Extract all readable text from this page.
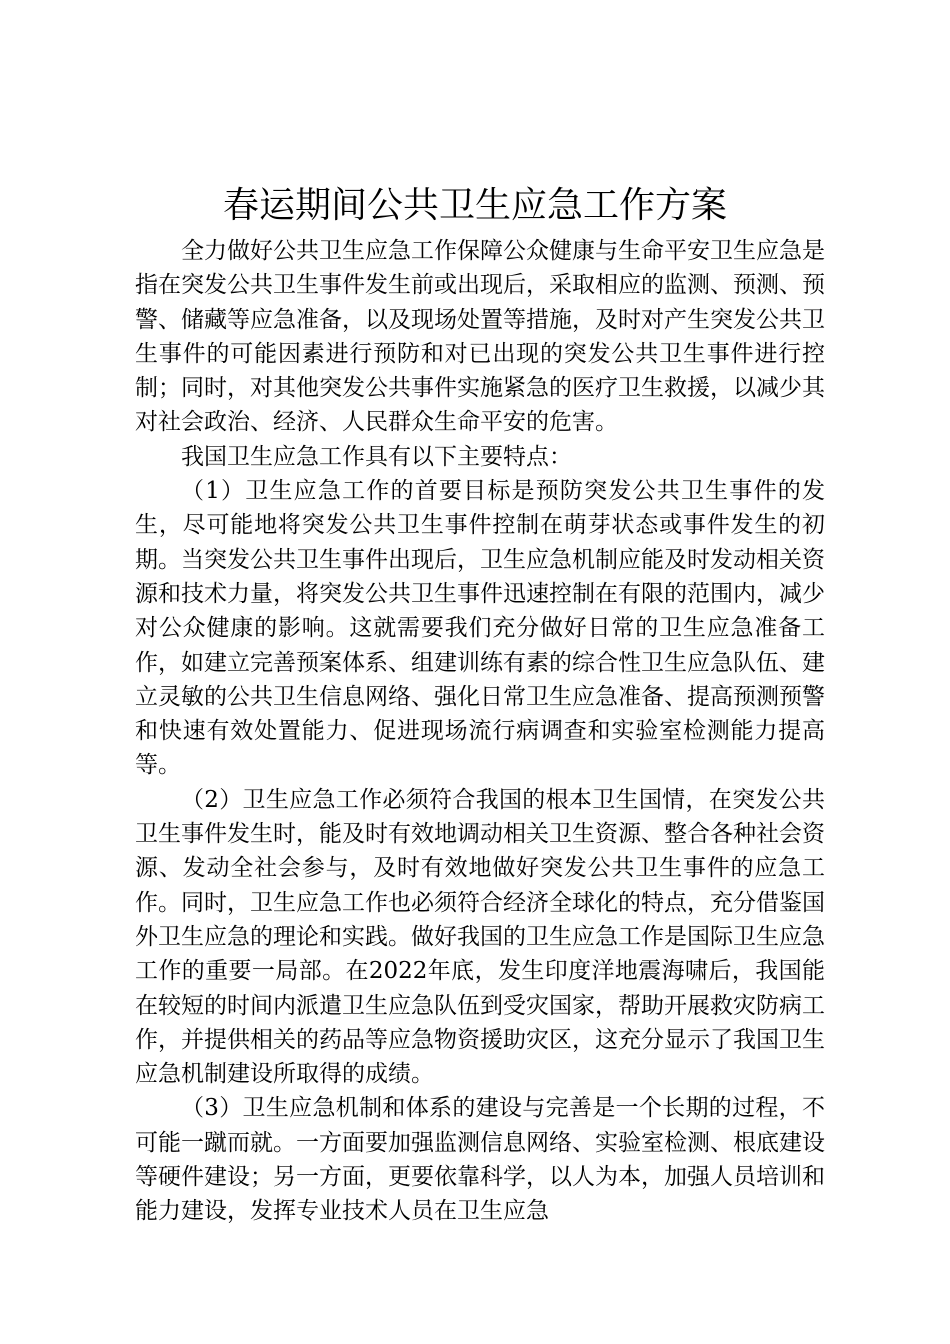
春运期间公共卫生应急工作方案

全力做好公共卫生应急工作保障公众健康与生命平安卫生应急是指在突发公共卫生事件发生前或出现后，采取相应的监测、预测、预警、储藏等应急准备，以及现场处置等措施，及时对产生突发公共卫生事件的可能因素进行预防和对已出现的突发公共卫生事件进行控制；同时，对其他突发公共事件实施紧急的医疗卫生救援，以减少其对社会政治、经济、人民群众生命平安的危害。

我国卫生应急工作具有以下主要特点：

（1）卫生应急工作的首要目标是预防突发公共卫生事件的发生，尽可能地将突发公共卫生事件控制在萌芽状态或事件发生的初期。当突发公共卫生事件出现后，卫生应急机制应能及时发动相关资源和技术力量，将突发公共卫生事件迅速控制在有限的范围内，减少对公众健康的影响。这就需要我们充分做好日常的卫生应急准备工作，如建立完善预案体系、组建训练有素的综合性卫生应急队伍、建立灵敏的公共卫生信息网络、强化日常卫生应急准备、提高预测预警和快速有效处置能力、促进现场流行病调查和实验室检测能力提高等。

（2）卫生应急工作必须符合我国的根本卫生国情，在突发公共卫生事件发生时，能及时有效地调动相关卫生资源、整合各种社会资源、发动全社会参与，及时有效地做好突发公共卫生事件的应急工作。同时，卫生应急工作也必须符合经济全球化的特点，充分借鉴国外卫生应急的理论和实践。做好我国的卫生应急工作是国际卫生应急工作的重要一局部。在2022年底，发生印度洋地震海啸后，我国能在较短的时间内派遣卫生应急队伍到受灾国家，帮助开展救灾防病工作，并提供相关的药品等应急物资援助灾区，这充分显示了我国卫生应急机制建设所取得的成绩。

（3）卫生应急机制和体系的建设与完善是一个长期的过程，不可能一蹴而就。一方面要加强监测信息网络、实验室检测、根底建设等硬件建设；另一方面，更要依靠科学，以人为本，加强人员培训和能力建设，发挥专业技术人员在卫生应急
